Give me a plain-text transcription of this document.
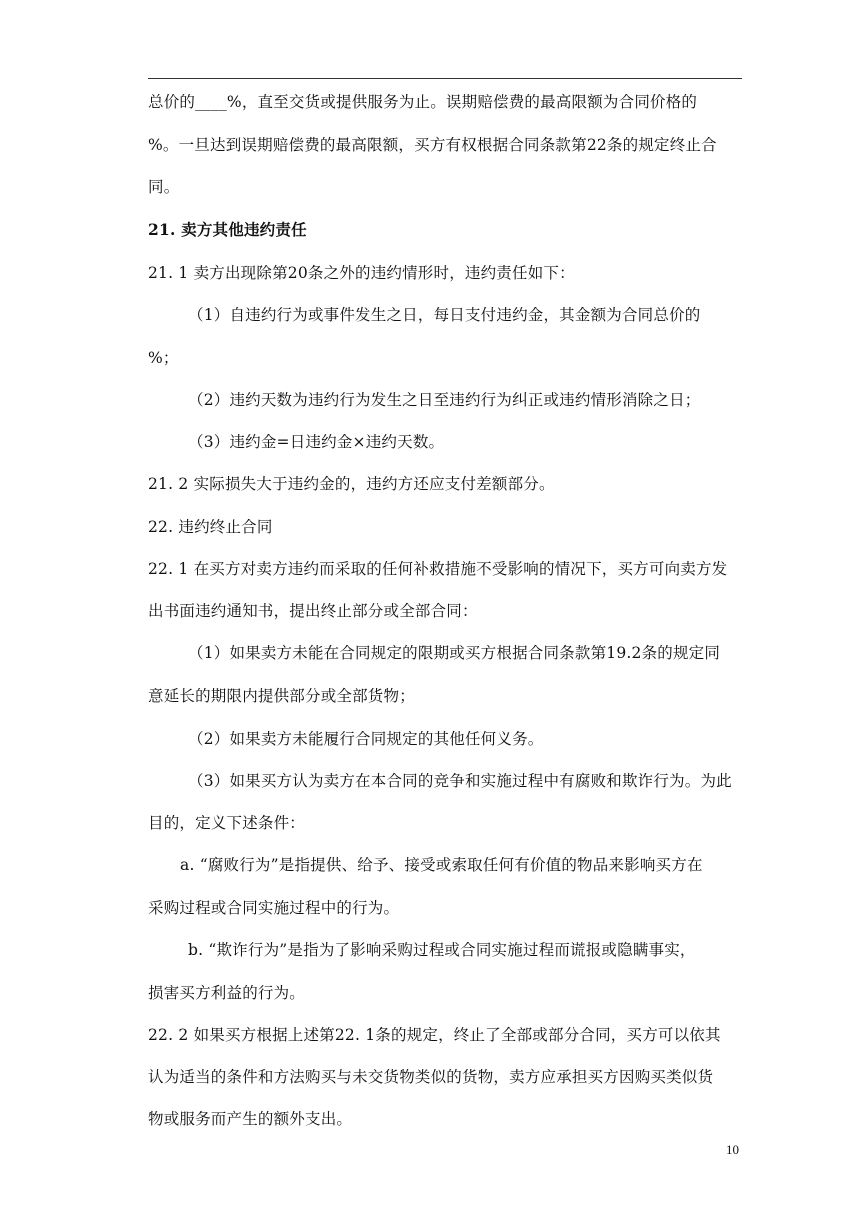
总价的____%，直至交货或提供服务为止。误期赔偿费的最高限额为合同价格的
%。一旦达到误期赔偿费的最高限额，买方有权根据合同条款第22条的规定终止合
同。
21. 卖方其他违约责任
21. 1 卖方出现除第20条之外的违约情形时，违约责任如下：
（1）自违约行为或事件发生之日，每日支付违约金，其金额为合同总价的
%；
（2）违约天数为违约行为发生之日至违约行为纠正或违约情形消除之日；
（3）违约金=日违约金×违约天数。
21. 2 实际损失大于违约金的，违约方还应支付差额部分。
22. 违约终止合同
22. 1 在买方对卖方违约而采取的任何补救措施不受影响的情况下，买方可向卖方发
出书面违约通知书，提出终止部分或全部合同：
（1）如果卖方未能在合同规定的限期或买方根据合同条款第19.2条的规定同
意延长的期限内提供部分或全部货物；
（2）如果卖方未能履行合同规定的其他任何义务。
（3）如果买方认为卖方在本合同的竞争和实施过程中有腐败和欺诈行为。为此
目的，定义下述条件：
a. “腐败行为”是指提供、给予、接受或索取任何有价值的物品来影响买方在
采购过程或合同实施过程中的行为。
b. “欺诈行为”是指为了影响采购过程或合同实施过程而谎报或隐瞒事实，
损害买方利益的行为。
22. 2 如果买方根据上述第22. 1条的规定，终止了全部或部分合同，买方可以依其
认为适当的条件和方法购买与未交货物类似的货物，卖方应承担买方因购买类似货
物或服务而产生的额外支出。
10
